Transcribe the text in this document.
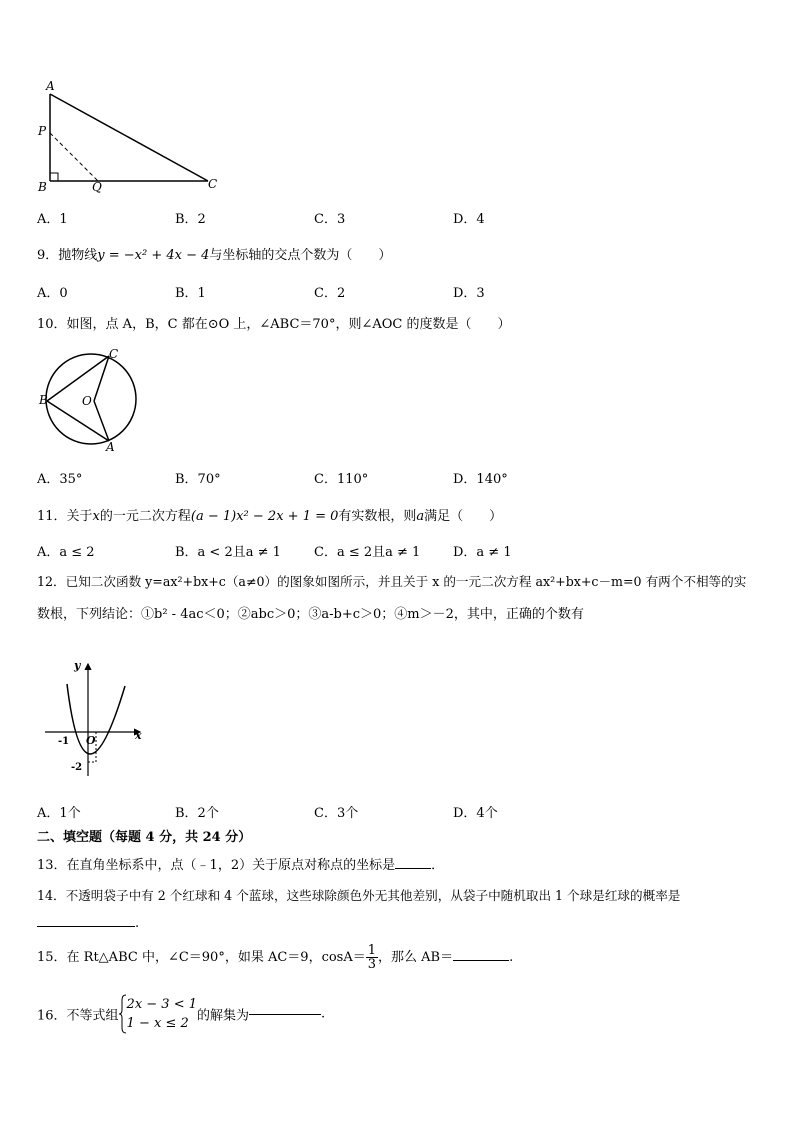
A
P
B	Q	C
A．1	B．2	C．3	D．4
9．抛物线y = −x² + 4x − 4与坐标轴的交点个数为（　　）
A．0	B．1	C．2	D．3
10．如图，点 A，B，C 都在⊙O 上，∠ABC＝70°，则∠AOC 的度数是（　　）
C
B	O
A
A．35°	B．70°	C．110°	D．140°
11．关于x的一元二次方程(a − 1)x² − 2x + 1 = 0有实数根，则a满足（　　）
A．a ≤ 2	B．a < 2且a ≠ 1	C．a ≤ 2且a ≠ 1	D．a ≠ 1
12．已知二次函数 y=ax²+bx+c（a≠0）的图象如图所示，并且关于 x 的一元二次方程 ax²+bx+c－m=0 有两个不相等的实
数根，下列结论：①b² - 4ac＜0；②abc＞0；③a-b+c＞0；④m＞－2，其中，正确的个数有
y
x
-1 O
-2
A．1个	B．2个	C．3个	D．4个
二、填空题（每题 4 分，共 24 分）
13．在直角坐标系中，点（﹣1，2）关于原点对称点的坐标是	．
14．不透明袋子中有 2 个红球和 4 个蓝球，这些球除颜色外无其他差别，从袋子中随机取出 1 个球是红球的概率是
.
15．在 Rt△ABC 中，∠C＝90°，如果 AC＝9，$\cos A= \frac{1}{3}$ ，那么 AB＝	.
16．不等式组
2x − 3 < 1
1 − x ≤ 2 的解集为	.
